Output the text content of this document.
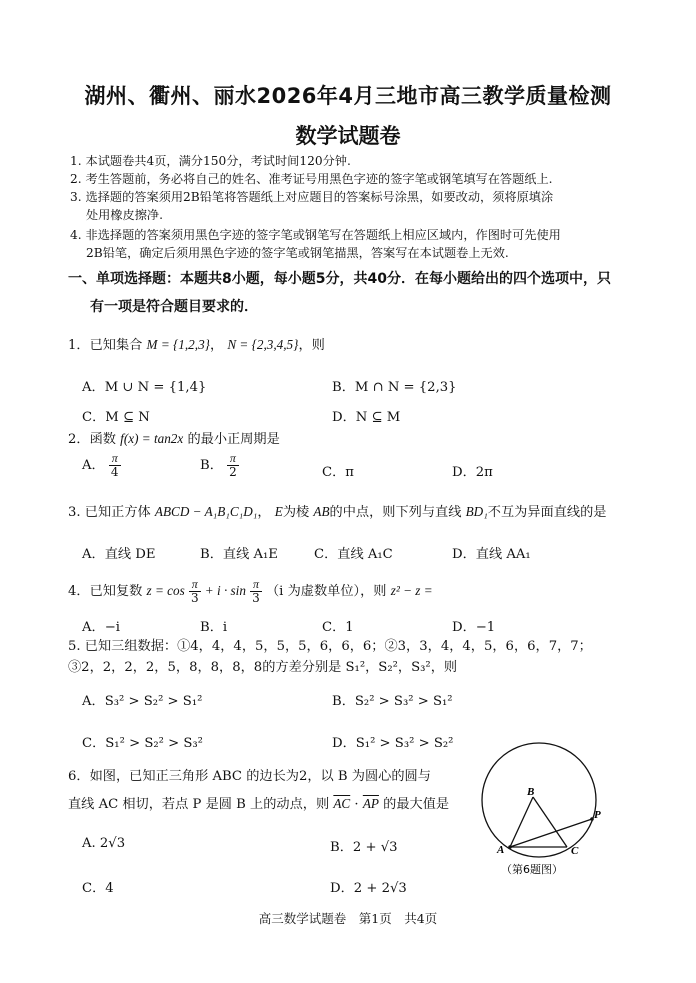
湖州、衢州、丽水2026年4月三地市高三教学质量检测
数学试题卷
1. 本试题卷共4页，满分150分，考试时间120分钟.
2. 考生答题前，务必将自己的姓名、准考证号用黑色字迹的签字笔或钢笔填写在答题纸上.
3. 选择题的答案须用2B铅笔将答题纸上对应题目的答案标号涂黑，如要改动，须将原填涂
处用橡皮擦净.
4. 非选择题的答案须用黑色字迹的签字笔或钢笔写在答题纸上相应区域内，作图时可先使用
2B铅笔，确定后须用黑色字迹的签字笔或钢笔描黑，答案写在本试题卷上无效.
一、单项选择题：本题共8小题，每小题5分，共40分．在每小题给出的四个选项中，只
有一项是符合题目要求的．
1．已知集合 M = {1,2,3}， N = {2,3,4,5}，则
A．M ∪ N = {1,4}	B．M ∩ N = {2,3}
C．M ⊆ N	D．N ⊆ M
2．函数 f(x) = tan2x 的最小正周期是
A． $\frac{\pi}{4}$	B． $\frac{\pi}{2}$	C．π	D．2π
3. 已知正方体 ABCD − A₁B₁C₁D₁， E为棱 AB的中点，则下列与直线 BD₁不互为异面直线的是
A．直线 DE	B．直线 A₁E	C．直线 A₁C	D．直线 AA₁
4．已知复数 $z = \cos \frac{\pi}{3} + i \cdot \sin \frac{\pi}{3} (i$ 为虚数单位），则 z² − z =
A．−i	B．i	C．1	D．−1
5. 已知三组数据：①4，4，4，5，5，5，6，6，6；②3，3，4，4，5，6，6，7，7；
③2，2，2，2，5，8，8，8，8的方差分别是 S₁²，S₂²，S₃²，则
A．S₃² > S₂² > S₁²	B．S₂² > S₃² > S₁²
C．S₁² > S₂² > S₃²	D．S₁² > S₃² > S₂²
6．如图，已知正三角形 ABC 的边长为2，以 B 为圆心的圆与
直线 AC 相切，若点 P 是圆 B 上的动点，则 $\overline{AC} \cdot \overline{AP}$ 的最大值是
A. 2√3	B．2 + √3
C．4	D．2 + 2√3
B
A	C
P
（第6题图）
高三数学试题卷　第1页　共4页
